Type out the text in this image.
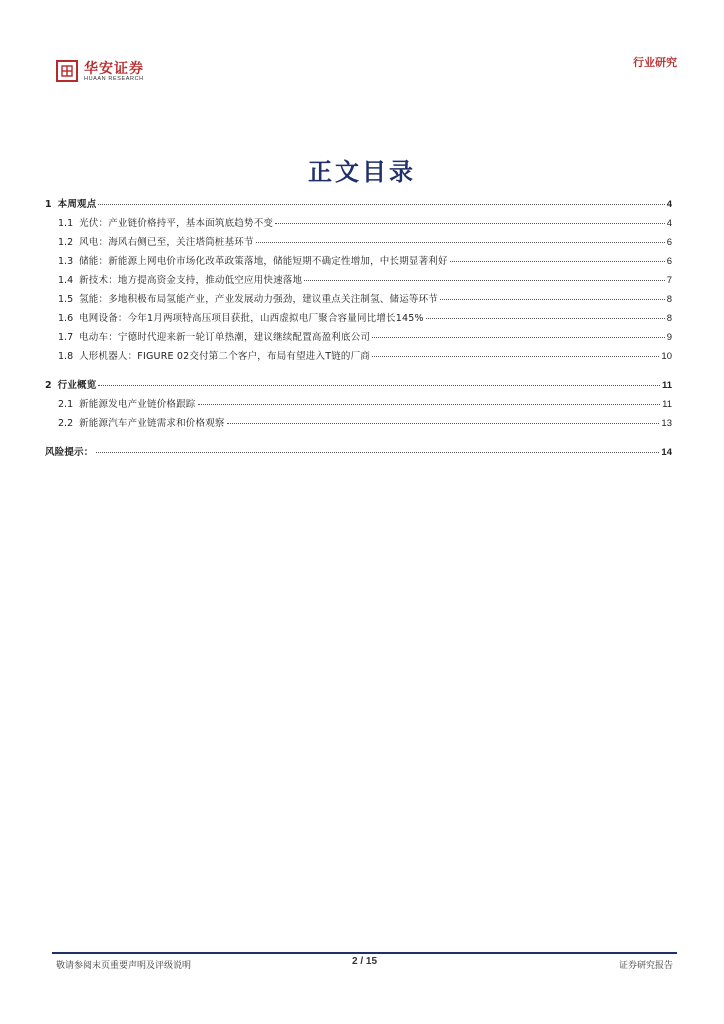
华安证券
HUAAN RESEARCH
行业研究
正文目录
1 本周观点	4
1.1 光伏：产业链价格持平，基本面筑底趋势不变	4
1.2 风电：海风右侧已至，关注塔筒桩基环节	6
1.3 储能：新能源上网电价市场化改革政策落地，储能短期不确定性增加，中长期显著利好	6
1.4 新技术：地方提高资金支持，推动低空应用快速落地	7
1.5 氢能：多地积极布局氢能产业，产业发展动力强劲，建议重点关注制氢、储运等环节	8
1.6 电网设备：今年1月两项特高压项目获批，山西虚拟电厂聚合容量同比增长145%	8
1.7 电动车：宁德时代迎来新一轮订单热潮，建议继续配置高盈利底公司	9
1.8 人形机器人：FIGURE 02交付第二个客户，布局有望进入T链的厂商	10
2 行业概览	11
2.1 新能源发电产业链价格跟踪	11
2.2 新能源汽车产业链需求和价格观察	13
风险提示：	14
敬请参阅末页重要声明及评级说明	2 / 15	证券研究报告
